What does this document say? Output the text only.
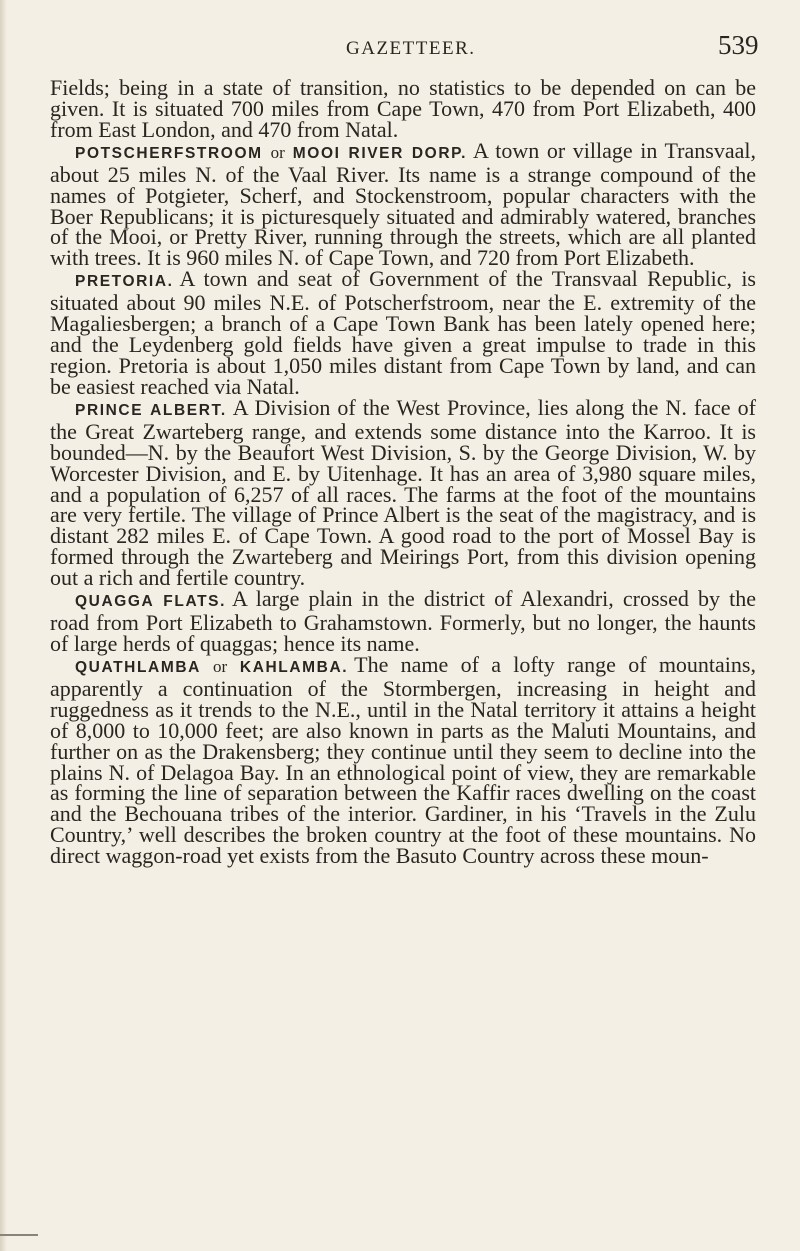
GAZETTEER.	539

Fields; being in a state of transition, no statistics to be depended on can be given. It is situated 700 miles from Cape Town, 470 from Port Elizabeth, 400 from East London, and 470 from Natal.

POTSCHERFSTROOM or MOOI RIVER DORP. A town or village in Transvaal, about 25 miles N. of the Vaal River. Its name is a strange compound of the names of Potgieter, Scherf, and Stockenstroom, popular characters with the Boer Republicans; it is picturesquely situated and admirably watered, branches of the Mooi, or Pretty River, running through the streets, which are all planted with trees. It is 960 miles N. of Cape Town, and 720 from Port Elizabeth.

PRETORIA. A town and seat of Government of the Transvaal Republic, is situated about 90 miles N.E. of Potscherfstroom, near the E. extremity of the Magaliesbergen; a branch of a Cape Town Bank has been lately opened here; and the Leydenberg gold fields have given a great impulse to trade in this region. Pretoria is about 1,050 miles distant from Cape Town by land, and can be easiest reached via Natal.

PRINCE ALBERT. A Division of the West Province, lies along the N. face of the Great Zwarteberg range, and extends some distance into the Karroo. It is bounded—N. by the Beaufort West Division, S. by the George Division, W. by Worcester Division, and E. by Uitenhage. It has an area of 3,980 square miles, and a population of 6,257 of all races. The farms at the foot of the mountains are very fertile. The village of Prince Albert is the seat of the magistracy, and is distant 282 miles E. of Cape Town. A good road to the port of Mossel Bay is formed through the Zwarteberg and Meirings Port, from this division opening out a rich and fertile country.

QUAGGA FLATS. A large plain in the district of Alexandri, crossed by the road from Port Elizabeth to Grahamstown. Formerly, but no longer, the haunts of large herds of quaggas; hence its name.

QUATHLAMBA or KAHLAMBA. The name of a lofty range of mountains, apparently a continuation of the Stormbergen, increasing in height and ruggedness as it trends to the N.E., until in the Natal territory it attains a height of 8,000 to 10,000 feet; are also known in parts as the Maluti Mountains, and further on as the Drakensberg; they continue until they seem to decline into the plains N. of Delagoa Bay. In an ethnological point of view, they are remarkable as forming the line of separation between the Kaffir races dwelling on the coast and the Bechouana tribes of the interior. Gardiner, in his ‘Travels in the Zulu Country,’ well describes the broken country at the foot of these mountains. No direct waggon-road yet exists from the Basuto Country across these moun-
